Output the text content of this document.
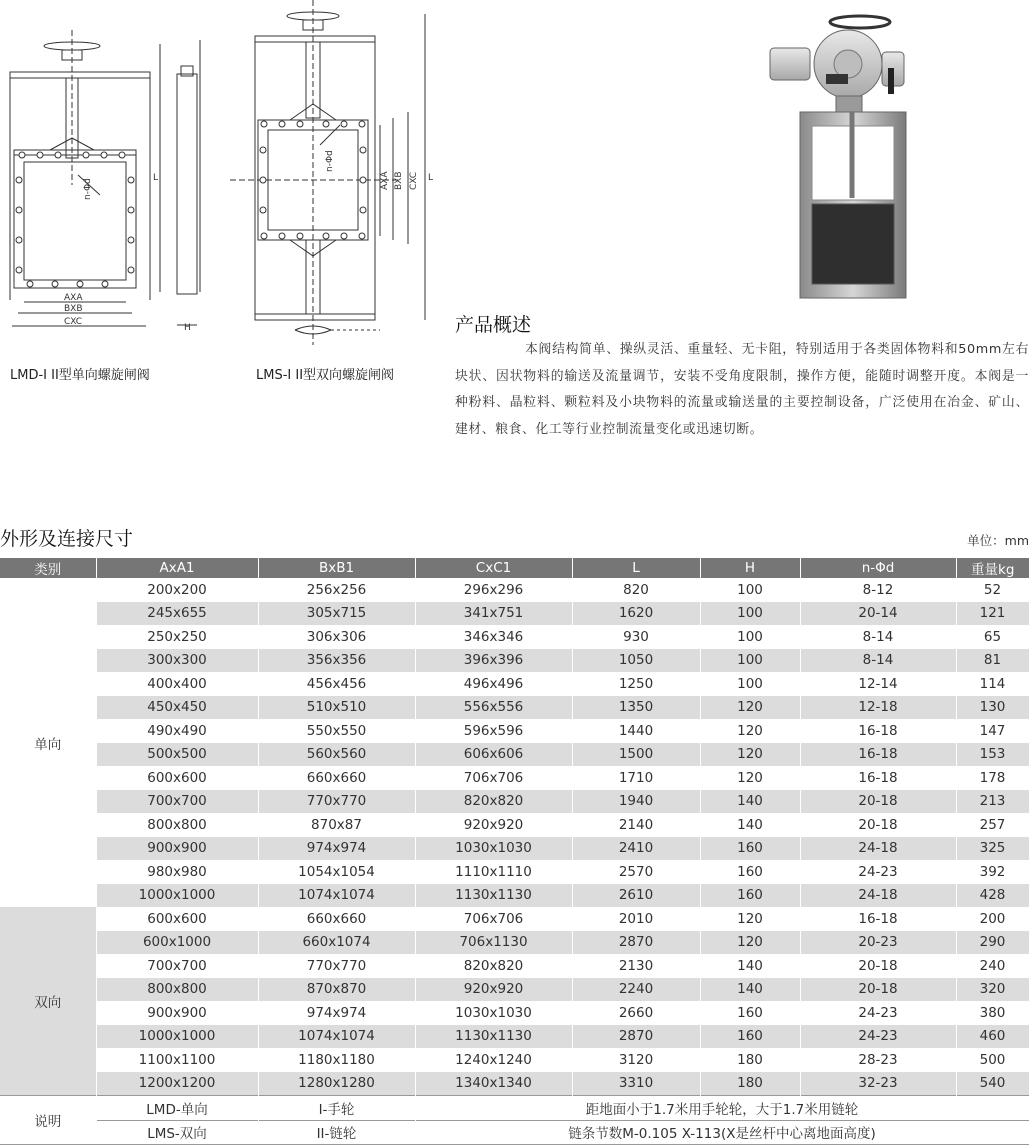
AXA
BXB
CXC
L
H
n-Φd
LMD-I II型单向螺旋闸阀
AXA BXB CXC L
n-Φd
LMS-I II型双向螺旋闸阀
产品概述

本阀结构简单、操纵灵活、重量轻、无卡阻，特别适用于各类固体物料和50mm左右块状、因状物料的输送及流量调节，安装不受角度限制，操作方便，能随时调整开度。本阀是一种粉料、晶粒料、颗粒料及小块物料的流量或输送量的主要控制设备，广泛使用在冶金、矿山、建材、粮食、化工等行业控制流量变化或迅速切断。

外形及连接尺寸	单位：mm
类别	AxA1	BxB1	CxC1	L	H	n-Φd	重量kg
单向	200x200	256x256	296x296	820	100	8-12	52
	245x655	305x715	341x751	1620	100	20-14	121
	250x250	306x306	346x346	930	100	8-14	65
	300x300	356x356	396x396	1050	100	8-14	81
	400x400	456x456	496x496	1250	100	12-14	114
	450x450	510x510	556x556	1350	120	12-18	130
	490x490	550x550	596x596	1440	120	16-18	147
	500x500	560x560	606x606	1500	120	16-18	153
	600x600	660x660	706x706	1710	120	16-18	178
	700x700	770x770	820x820	1940	140	20-18	213
	800x800	870x87	920x920	2140	140	20-18	257
	900x900	974x974	1030x1030	2410	160	24-18	325
	980x980	1054x1054	1110x1110	2570	160	24-23	392
	1000x1000	1074x1074	1130x1130	2610	160	24-18	428
双向	600x600	660x660	706x706	2010	120	16-18	200
	600x1000	660x1074	706x1130	2870	120	20-23	290
	700x700	770x770	820x820	2130	140	20-18	240
	800x800	870x870	920x920	2240	140	20-18	320
	900x900	974x974	1030x1030	2660	160	24-23	380
	1000x1000	1074x1074	1130x1130	2870	160	24-23	460
	1100x1100	1180x1180	1240x1240	3120	180	28-23	500
	1200x1200	1280x1280	1340x1340	3310	180	32-23	540
说明	LMD-单向	I-手轮	距地面小于1.7米用手轮轮，大于1.7米用链轮				
	LMS-双向	II-链轮	链条节数M-0.105 X-113(X是丝杆中心离地面高度)				
